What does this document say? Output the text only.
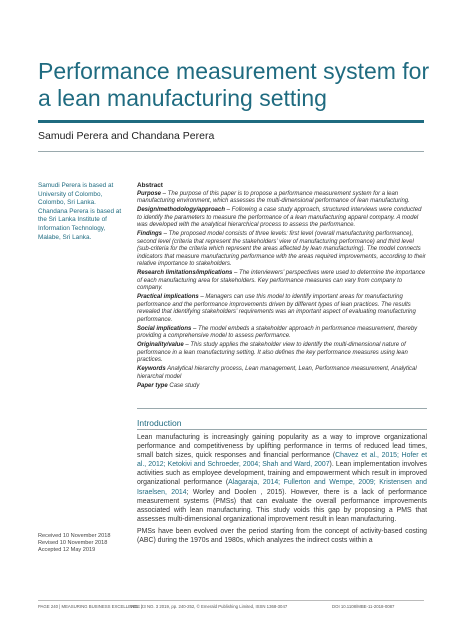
Performance measurement system for a lean manufacturing setting
Samudi Perera and Chandana Perera

Samudi Perera is based at University of Colombo, Colombo, Sri Lanka.

Chandana Perera is based at the Sri Lanka Institute of Information Technology, Malabe, Sri Lanka.

Abstract

Purpose – The purpose of this paper is to propose a performance measurement system for a lean manufacturing environment, which assesses the multi-dimensional performance of lean manufacturing.

Design/methodology/approach – Following a case study approach, structured interviews were conducted to identify the parameters to measure the performance of a lean manufacturing apparel company. A model was developed with the analytical hierarchical process to assess the performance.

Findings – The proposed model consists of three levels: first level (overall manufacturing performance), second level (criteria that represent the stakeholders’ view of manufacturing performance) and third level (sub-criteria for the criteria which represent the areas affected by lean manufacturing). The model connects indicators that measure manufacturing performance with the areas required improvements, according to their relative importance to stakeholders.

Research limitations/implications – The interviewers’ perspectives were used to determine the importance of each manufacturing area for stakeholders. Key performance measures can vary from company to company.

Practical implications – Managers can use this model to identify important areas for manufacturing performance and the performance improvements driven by different types of lean practices. The results revealed that identifying stakeholders’ requirements was an important aspect of evaluating manufacturing performance.

Social implications – The model embeds a stakeholder approach in performance measurement, thereby providing a comprehensive model to assess performance.

Originality/value – This study applies the stakeholder view to identify the multi-dimensional nature of performance in a lean manufacturing setting. It also defines the key performance measures using lean practices.

Keywords Analytical hierarchy process, Lean management, Lean, Performance measurement, Analytical hierarchal model

Paper type Case study

Introduction

Lean manufacturing is increasingly gaining popularity as a way to improve organizational performance and competitiveness by uplifting performance in terms of reduced lead times, small batch sizes, quick responses and financial performance (Chavez et al., 2015; Hofer et al., 2012; Ketokivi and Schroeder, 2004; Shah and Ward, 2007). Lean implementation involves activities such as employee development, training and empowerment which result in improved organizational performance (Alagaraja, 2014; Fullerton and Wempe, 2009; Kristensen and Israelsen, 2014; Worley and Doolen , 2015). However, there is a lack of performance measurement systems (PMSs) that can evaluate the overall performance improvements associated with lean manufacturing. This study voids this gap by proposing a PMS that assesses multi-dimensional organizational improvement result in lean manufacturing.

PMSs have been evolved over the period starting from the concept of activity-based costing (ABC) during the 1970s and 1980s, which analyzes the indirect costs within a

Received 10 November 2018

Revised 10 November 2018

Accepted 12 May 2019

PAGE 240 | MEASURING BUSINESS EXCELLENCE |
VOL. 23 NO. 3 2019, pp. 240-252, © Emerald Publishing Limited, ISSN 1368-3047	DOI 10.1108/MBE-11-2018-0087
